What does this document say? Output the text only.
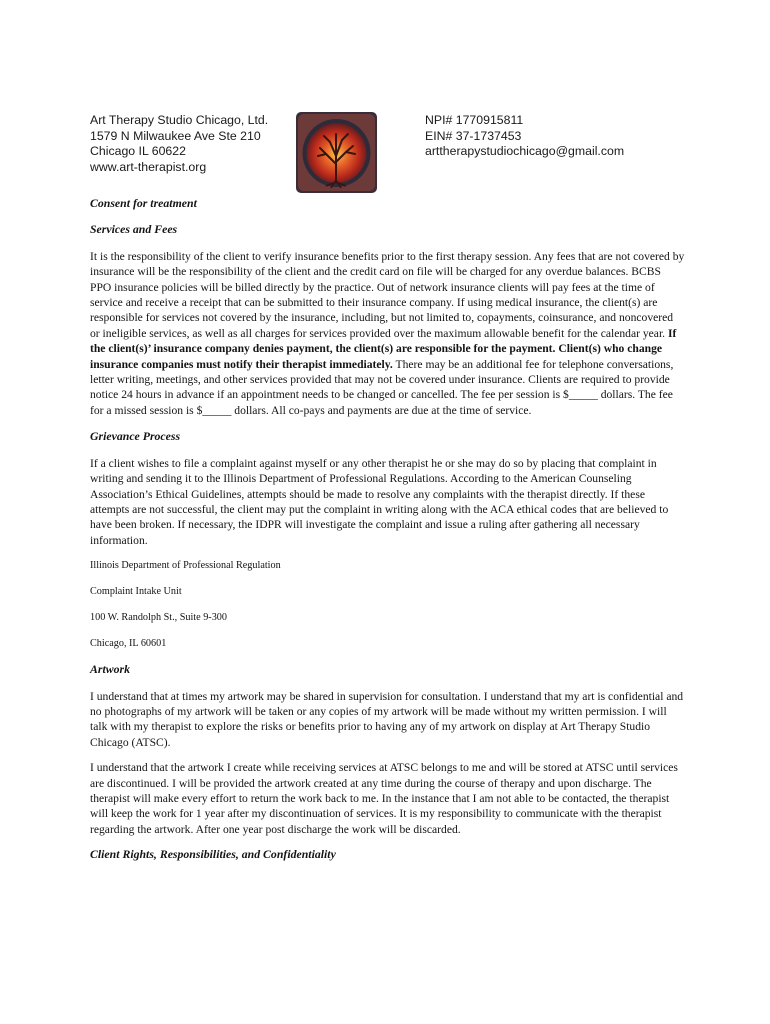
Art Therapy Studio Chicago, Ltd.
1579 N Milwaukee Ave Ste 210
Chicago IL 60622
www.art-therapist.org
NPI# 1770915811
EIN# 37-1737453
arttherapystudiochicago@gmail.com

Consent for treatment

Services and Fees

It is the responsibility of the client to verify insurance benefits prior to the first therapy session. Any fees that are not covered by insurance will be the responsibility of the client and the credit card on file will be charged for any overdue balances. BCBS PPO insurance policies will be billed directly by the practice. Out of network insurance clients will pay fees at the time of service and receive a receipt that can be submitted to their insurance company. If using medical insurance, the client(s) are responsible for services not covered by the insurance, including, but not limited to, copayments, coinsurance, and noncovered or ineligible services, as well as all charges for services provided over the maximum allowable benefit for the calendar year. If the client(s)’ insurance company denies payment, the client(s) are responsible for the payment. Client(s) who change insurance companies must notify their therapist immediately. There may be an additional fee for telephone conversations, letter writing, meetings, and other services provided that may not be covered under insurance. Clients are required to provide notice 24 hours in advance if an appointment needs to be changed or cancelled. The fee per session is $_____ dollars. The fee for a missed session is $_____ dollars. All co-pays and payments are due at the time of service.

Grievance Process

If a client wishes to file a complaint against myself or any other therapist he or she may do so by placing that complaint in writing and sending it to the Illinois Department of Professional Regulations. According to the American Counseling Association’s Ethical Guidelines, attempts should be made to resolve any complaints with the therapist directly. If these attempts are not successful, the client may put the complaint in writing along with the ACA ethical codes that are believed to have been broken. If necessary, the IDPR will investigate the complaint and issue a ruling after gathering all necessary information.

Illinois Department of Professional Regulation

Complaint Intake Unit

100 W. Randolph St., Suite 9-300

Chicago, IL 60601

Artwork

I understand that at times my artwork may be shared in supervision for consultation. I understand that my art is confidential and no photographs of my artwork will be taken or any copies of my artwork will be made without my written permission. I will talk with my therapist to explore the risks or benefits prior to having any of my artwork on display at Art Therapy Studio Chicago (ATSC).

I understand that the artwork I create while receiving services at ATSC belongs to me and will be stored at ATSC until services are discontinued. I will be provided the artwork created at any time during the course of therapy and upon discharge. The therapist will make every effort to return the work back to me. In the instance that I am not able to be contacted, the therapist will keep the work for 1 year after my discontinuation of services. It is my responsibility to communicate with the therapist regarding the artwork. After one year post discharge the work will be discarded.

Client Rights, Responsibilities, and Confidentiality
